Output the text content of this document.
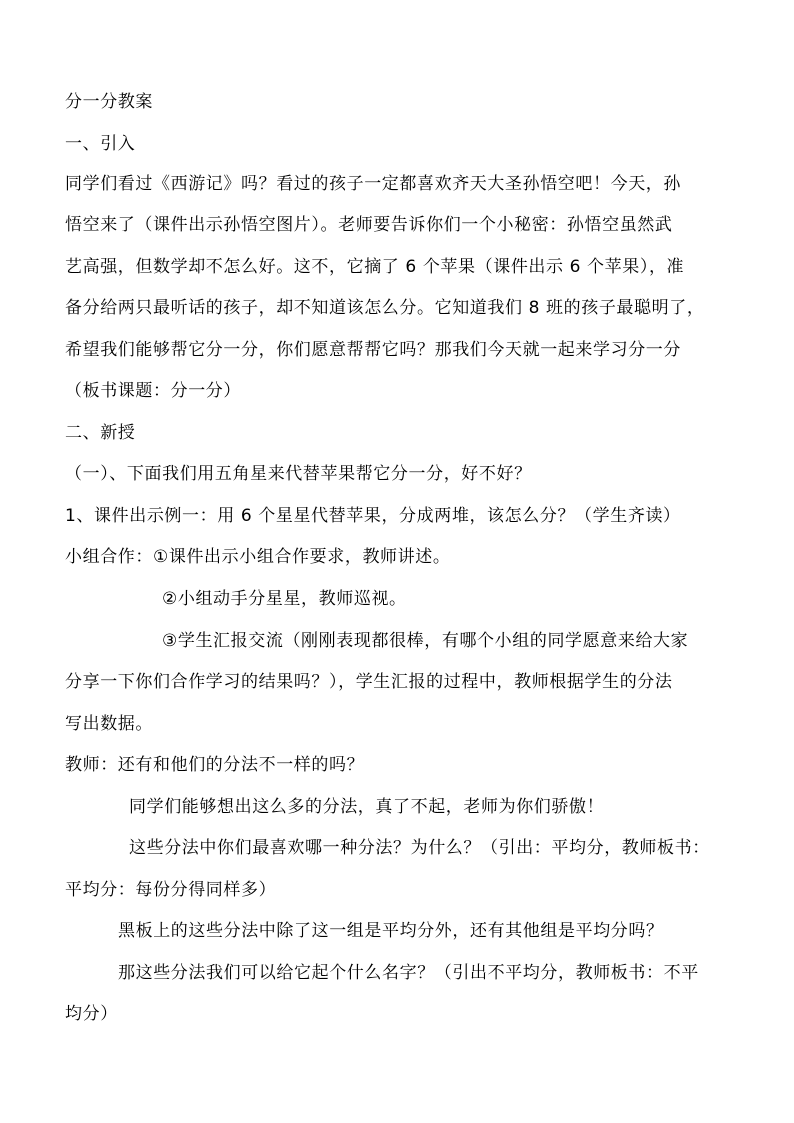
分一分教案
一、引入
同学们看过《西游记》吗？看过的孩子一定都喜欢齐天大圣孙悟空吧！今天，孙
悟空来了（课件出示孙悟空图片）。老师要告诉你们一个小秘密：孙悟空虽然武
艺高强，但数学却不怎么好。这不，它摘了 6 个苹果（课件出示 6 个苹果），准
备分给两只最听话的孩子，却不知道该怎么分。它知道我们 8 班的孩子最聪明了，
希望我们能够帮它分一分，你们愿意帮帮它吗？那我们今天就一起来学习分一分
（板书课题：分一分）
二、新授
（一）、下面我们用五角星来代替苹果帮它分一分，好不好？
1、课件出示例一：用 6 个星星代替苹果，分成两堆，该怎么分？（学生齐读）
小组合作：①课件出示小组合作要求，教师讲述。
②小组动手分星星，教师巡视。
③学生汇报交流（刚刚表现都很棒，有哪个小组的同学愿意来给大家
分享一下你们合作学习的结果吗？），学生汇报的过程中，教师根据学生的分法
写出数据。
教师：还有和他们的分法不一样的吗？
同学们能够想出这么多的分法，真了不起，老师为你们骄傲！
这些分法中你们最喜欢哪一种分法？为什么？（引出：平均分，教师板书：
平均分：每份分得同样多）
黑板上的这些分法中除了这一组是平均分外，还有其他组是平均分吗？
那这些分法我们可以给它起个什么名字？（引出不平均分，教师板书：不平
均分）
